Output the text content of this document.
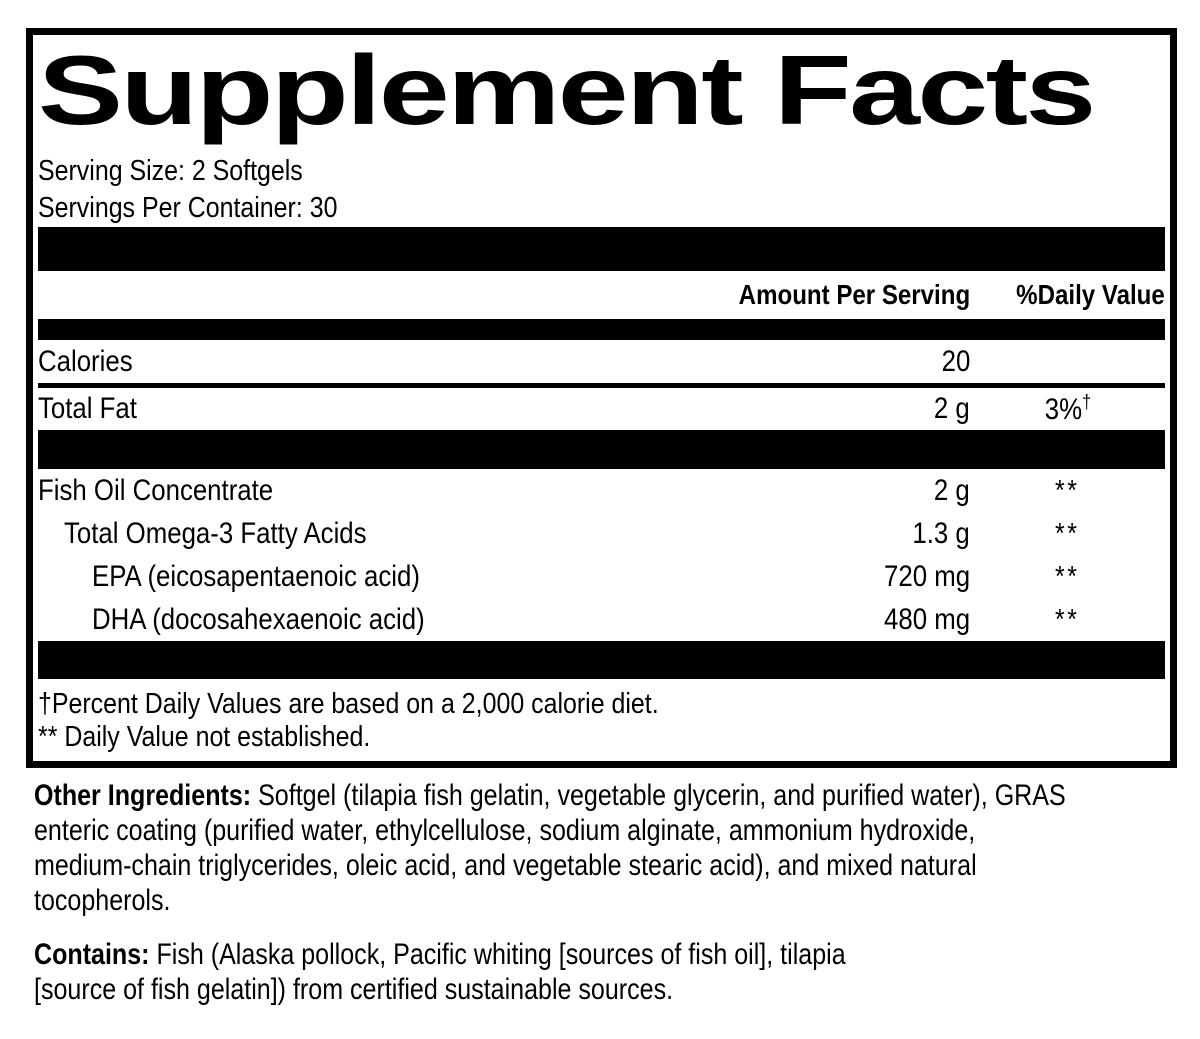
Supplement Facts
Serving Size: 2 Softgels
Servings Per Container: 30
Amount Per Serving	%Daily Value
Calories	20
Total Fat	2 g	3%†
Fish Oil Concentrate	2 g	**
Total Omega-3 Fatty Acids	1.3 g	**
EPA (eicosapentaenoic acid)	720 mg	**
DHA (docosahexaenoic acid)	480 mg	**
†Percent Daily Values are based on a 2,000 calorie diet.
** Daily Value not established.
Other Ingredients: Softgel (tilapia fish gelatin, vegetable glycerin, and purified water), GRAS
enteric coating (purified water, ethylcellulose, sodium alginate, ammonium hydroxide,
medium-chain triglycerides, oleic acid, and vegetable stearic acid), and mixed natural
tocopherols.
Contains: Fish (Alaska pollock, Pacific whiting [sources of fish oil], tilapia
[source of fish gelatin]) from certified sustainable sources.
